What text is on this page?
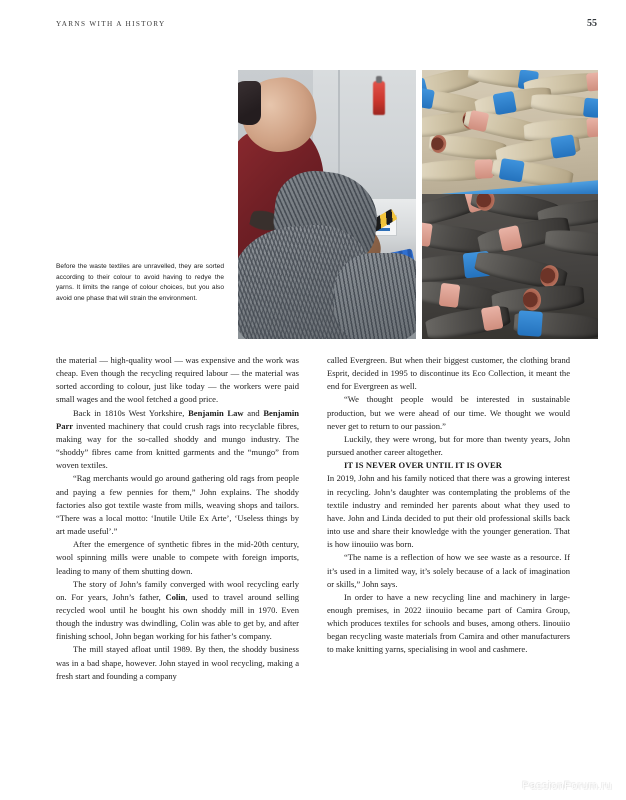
YARNS WITH A HISTORY	55
Before the waste textiles are unravelled, they are sorted according to their colour to avoid having to redye the yarns. It limits the range of colour choices, but you also avoid one phase that will strain the environment.

the material — high-quality wool — was expensive and the work was cheap. Even though the recycling required labour — the material was sorted according to colour, just like today — the workers were paid small wages and the wool fetched a good price.

Back in 1810s West Yorkshire, Benjamin Law and Benjamin Parr invented machinery that could crush rags into recyclable fibres, making way for the so-called shoddy and mungo industry. The “shoddy” fibres came from knitted garments and the “mungo” from woven textiles.

“Rag merchants would go around gathering old rags from people and paying a few pennies for them,” John explains. The shoddy factories also got textile waste from mills, weaving shops and tailors. “There was a local motto: ‘Inutile Utile Ex Arte’, ‘Useless things by art made useful’.”

After the emergence of synthetic fibres in the mid-20th century, wool spinning mills were unable to compete with foreign imports, leading to many of them shutting down.

The story of John’s family converged with wool recycling early on. For years, John’s father, Colin, used to travel around selling recycled wool until he bought his own shoddy mill in 1970. Even though the industry was dwindling, Colin was able to get by, and after finishing school, John began working for his father’s company.

The mill stayed afloat until 1989. By then, the shoddy business was in a bad shape, however. John stayed in wool recycling, making a fresh start and founding a company

called Evergreen. But when their biggest customer, the clothing brand Esprit, decided in 1995 to discontinue its Eco Collection, it meant the end for Evergreen as well.

“We thought people would be interested in sustainable production, but we were ahead of our time. We thought we would never get to return to our passion.”

Luckily, they were wrong, but for more than twenty years, John pursued another career altogether.

IT IS NEVER OVER UNTIL IT IS OVER

In 2019, John and his family noticed that there was a growing interest in recycling. John’s daughter was contemplating the problems of the textile industry and reminded her parents about what they used to have. John and Linda decided to put their old professional skills back into use and share their knowledge with the younger generation. That is how iinouiio was born.

“The name is a reflection of how we see waste as a resource. If it’s used in a limited way, it’s solely because of a lack of imagination or skills,” John says.

In order to have a new recycling line and machinery in large-enough premises, in 2022 iinouiio became part of Camira Group, which produces textiles for schools and buses, among others. Iinouiio began recycling waste materials from Camira and other manufacturers to make knitting yarns, specialising in wool and cashmere.

PassionForum.ru
